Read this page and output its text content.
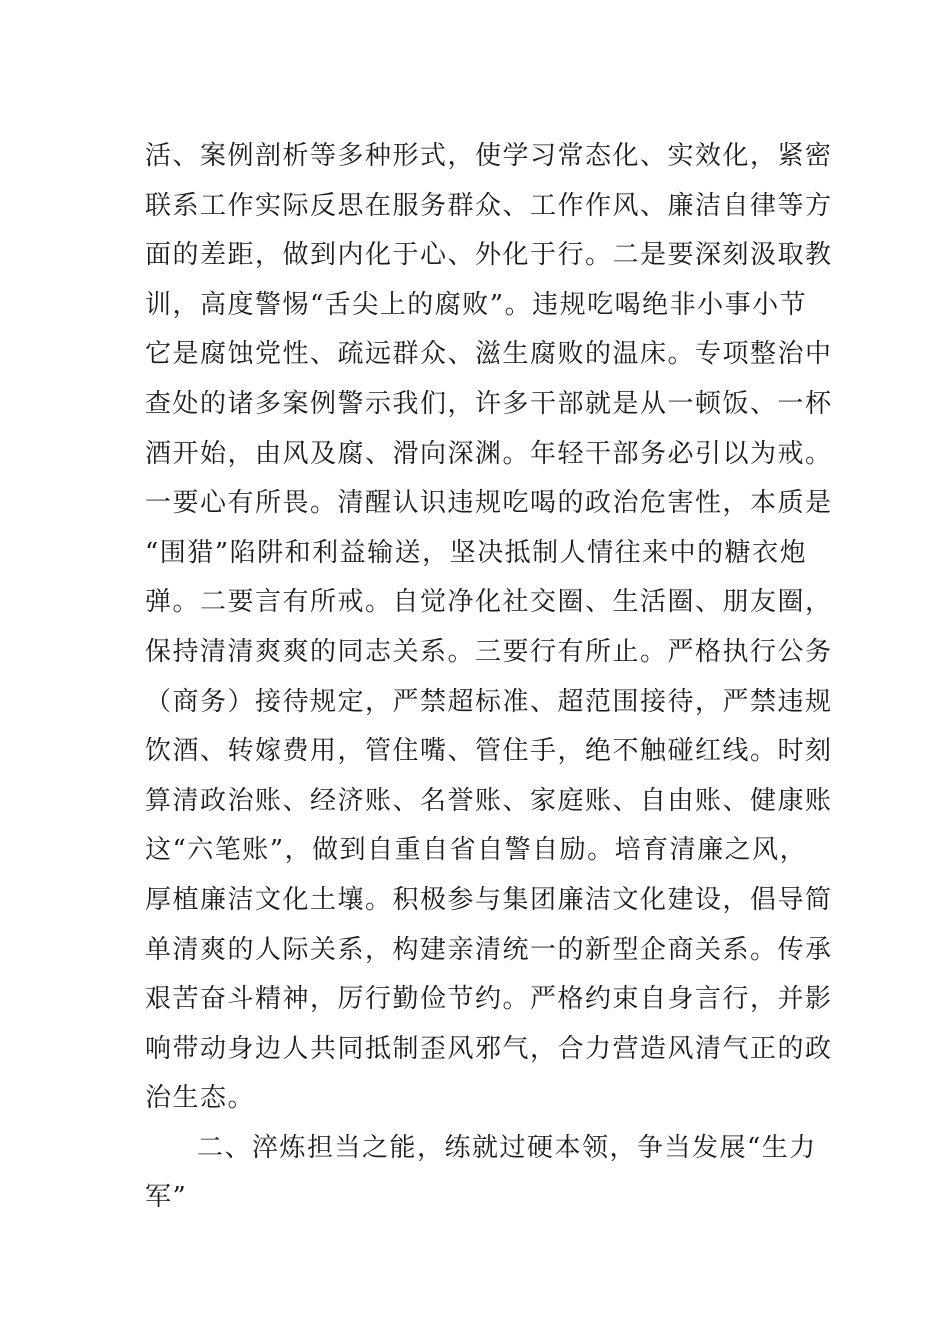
活、案例剖析等多种形式，使学习常态化、实效化，紧密
联系工作实际反思在服务群众、工作作风、廉洁自律等方
面的差距，做到内化于心、外化于行。二是要深刻汲取教
训，高度警惕“舌尖上的腐败”。违规吃喝绝非小事小节
它是腐蚀党性、疏远群众、滋生腐败的温床。专项整治中
查处的诸多案例警示我们，许多干部就是从一顿饭、一杯
酒开始，由风及腐、滑向深渊。年轻干部务必引以为戒。
一要心有所畏。清醒认识违规吃喝的政治危害性，本质是
“围猎”陷阱和利益输送，坚决抵制人情往来中的糖衣炮
弹。二要言有所戒。自觉净化社交圈、生活圈、朋友圈，
保持清清爽爽的同志关系。三要行有所止。严格执行公务
（商务）接待规定，严禁超标准、超范围接待，严禁违规
饮酒、转嫁费用，管住嘴、管住手，绝不触碰红线。时刻
算清政治账、经济账、名誉账、家庭账、自由账、健康账
这“六笔账”，做到自重自省自警自励。培育清廉之风，
厚植廉洁文化土壤。积极参与集团廉洁文化建设，倡导简
单清爽的人际关系，构建亲清统一的新型企商关系。传承
艰苦奋斗精神，厉行勤俭节约。严格约束自身言行，并影
响带动身边人共同抵制歪风邪气，合力营造风清气正的政
治生态。
二、淬炼担当之能，练就过硬本领，争当发展“生力
军”
